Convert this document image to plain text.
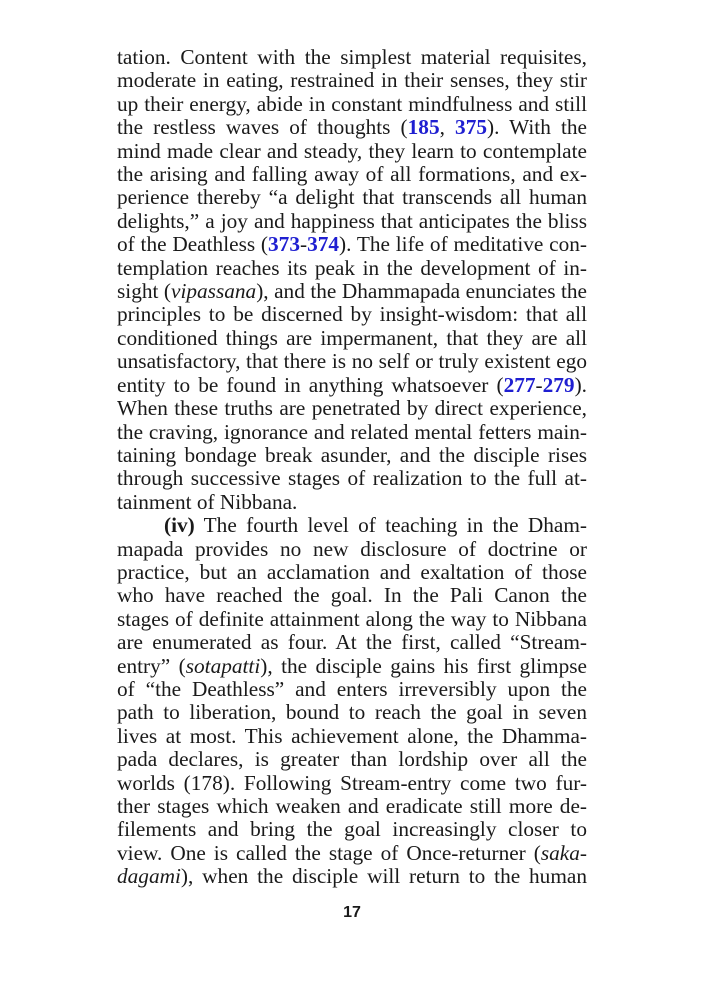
tation. Content with the simplest material requisites,
moderate in eating, restrained in their senses, they stir
up their energy, abide in constant mindfulness and still
the restless waves of thoughts (185, 375). With the
mind made clear and steady, they learn to contemplate
the arising and falling away of all formations, and ex-
perience thereby “a delight that transcends all human
delights,” a joy and happiness that anticipates the bliss
of the Deathless (373-374). The life of meditative con-
templation reaches its peak in the development of in-
sight (vipassana), and the Dhammapada enunciates the
principles to be discerned by insight-wisdom: that all
conditioned things are impermanent, that they are all
unsatisfactory, that there is no self or truly existent ego
entity to be found in anything whatsoever (277-279).
When these truths are penetrated by direct experience,
the craving, ignorance and related mental fetters main-
taining bondage break asunder, and the disciple rises
through successive stages of realization to the full at-
tainment of Nibbana.
(iv) The fourth level of teaching in the Dham-
mapada provides no new disclosure of doctrine or
practice, but an acclamation and exaltation of those
who have reached the goal. In the Pali Canon the
stages of definite attainment along the way to Nibbana
are enumerated as four. At the first, called “Stream-
entry” (sotapatti), the disciple gains his first glimpse
of “the Deathless” and enters irreversibly upon the
path to liberation, bound to reach the goal in seven
lives at most. This achievement alone, the Dhamma-
pada declares, is greater than lordship over all the
worlds (178). Following Stream-entry come two fur-
ther stages which weaken and eradicate still more de-
filements and bring the goal increasingly closer to
view. One is called the stage of Once-returner (saka-
dagami), when the disciple will return to the human
17
